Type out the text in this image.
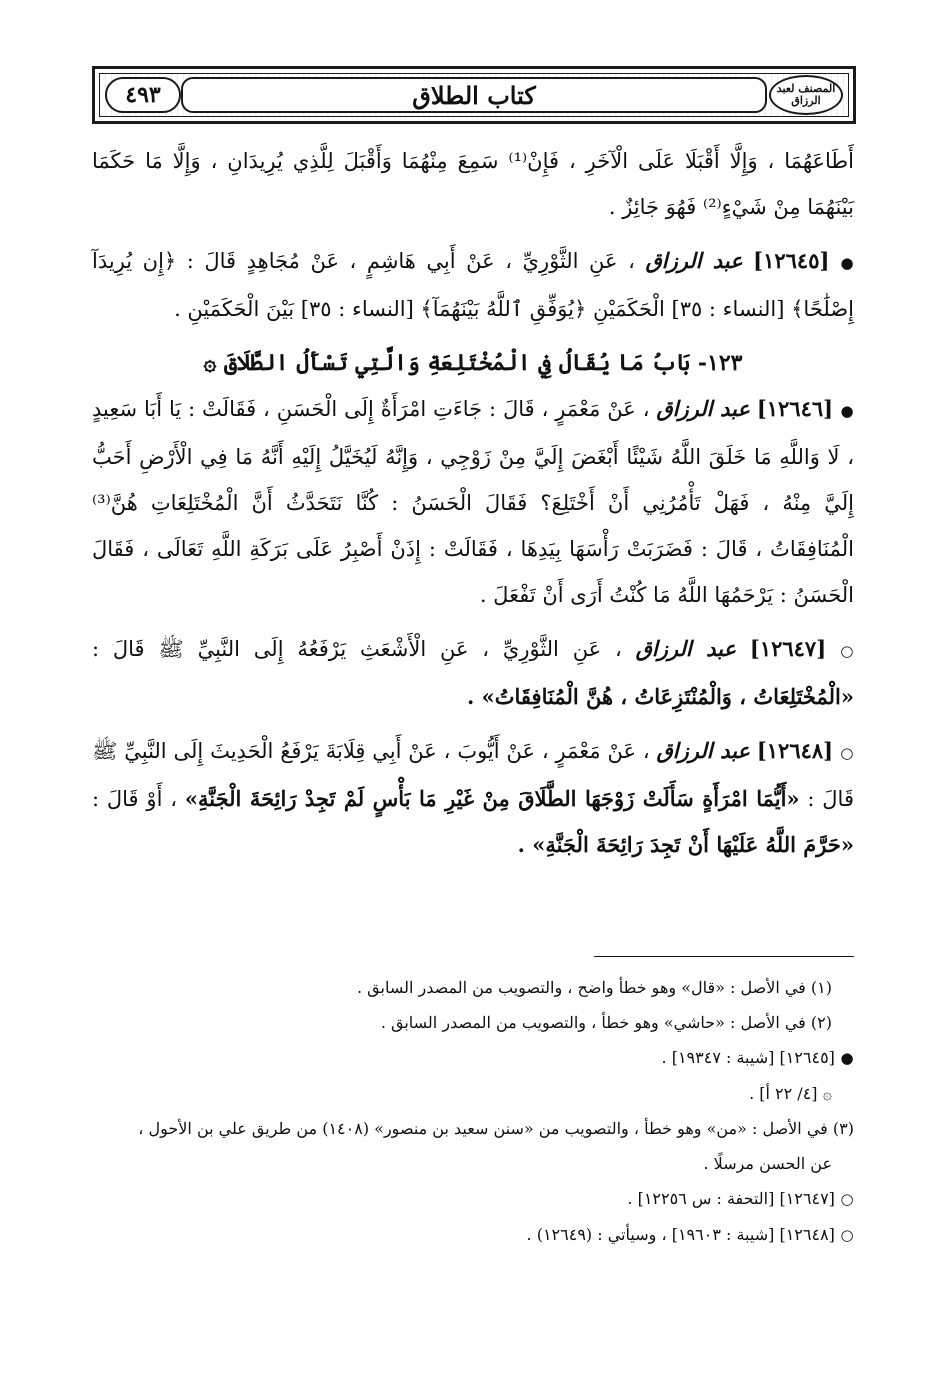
المصنف لعبد الرزاق
كتاب الطلاق
٤٩٣

أَطَاعَهُمَا ، وَإِلَّا أَقْبَلَا عَلَى الْآخَرِ ، فَإِنْ⁽¹⁾ سَمِعَ مِنْهُمَا وَأَقْبَلَ لِلَّذِي يُرِيدَانِ ، وَإِلَّا مَا حَكَمَا بَيْنَهُمَا مِنْ شَيْءٍ⁽²⁾ فَهُوَ جَائِزٌ .

● [١٢٦٤٥] عبد الرزاق ، عَنِ الثَّوْرِيِّ ، عَنْ أَبِي هَاشِمٍ ، عَنْ مُجَاهِدٍ قَالَ : ﴿إِن يُرِيدَآ إِصْلَٰحًا﴾ [النساء : ٣٥] الْحَكَمَيْنِ ﴿يُوَفِّقِ ٱللَّهُ بَيْنَهُمَآ﴾ [النساء : ٣٥] بَيْنَ الْحَكَمَيْنِ .

١٢٣- بَابُ مَا يُقَالُ فِي الْمُخْتَلِعَةِ وَالَّتِي تَسْأَلُ الطَّلَاقَ ۞

● [١٢٦٤٦] عبد الرزاق ، عَنْ مَعْمَرٍ ، قَالَ : جَاءَتِ امْرَأَةٌ إِلَى الْحَسَنِ ، فَقَالَتْ : يَا أَبَا سَعِيدٍ ، لَا وَاللَّهِ مَا خَلَقَ اللَّهُ شَيْئًا أَبْغَضَ إِلَيَّ مِنْ زَوْجِي ، وَإِنَّهُ لَيُخَيَّلُ إِلَيْهِ أَنَّهُ مَا فِي الْأَرْضِ أَحَبُّ إِلَيَّ مِنْهُ ، فَهَلْ تَأْمُرُنِي أَنْ أَخْتَلِعَ؟ فَقَالَ الْحَسَنُ : كُنَّا نَتَحَدَّثُ أَنَّ الْمُخْتَلِعَاتِ هُنَّ⁽³⁾ الْمُنَافِقَاتُ ، قَالَ : فَضَرَبَتْ رَأْسَهَا بِيَدِهَا ، فَقَالَتْ : إِذَنْ أَصْبِرُ عَلَى بَرَكَةِ اللَّهِ تَعَالَى ، فَقَالَ الْحَسَنُ : يَرْحَمُهَا اللَّهُ مَا كُنْتُ أَرَى أَنْ تَفْعَلَ .

○ [١٢٦٤٧] عبد الرزاق ، عَنِ الثَّوْرِيِّ ، عَنِ الْأَشْعَثِ يَرْفَعُهُ إِلَى النَّبِيِّ ﷺ قَالَ : «الْمُخْتَلِعَاتُ ، وَالْمُنْتَزِعَاتُ ، هُنَّ الْمُنَافِقَاتُ» .

○ [١٢٦٤٨] عبد الرزاق ، عَنْ مَعْمَرٍ ، عَنْ أَيُّوبَ ، عَنْ أَبِي قِلَابَةَ يَرْفَعُ الْحَدِيثَ إِلَى النَّبِيِّ ﷺ قَالَ : «أَيُّمَا امْرَأَةٍ سَأَلَتْ زَوْجَهَا الطَّلَاقَ مِنْ غَيْرِ مَا بَأْسٍ لَمْ تَجِدْ رَائِحَةَ الْجَنَّةِ» ، أَوْ قَالَ : «حَرَّمَ اللَّهُ عَلَيْهَا أَنْ تَجِدَ رَائِحَةَ الْجَنَّةِ» .

(١) في الأصل : «قال» وهو خطأ واضح ، والتصويب من المصدر السابق .

(٢) في الأصل : «حاشي» وهو خطأ ، والتصويب من المصدر السابق .

● [١٢٦٤٥] [شيبة : ١٩٣٤٧] .

۞ [٤/ ٢٢ أ] .

(٣) في الأصل : «من» وهو خطأ ، والتصويب من «سنن سعيد بن منصور» (١٤٠٨) من طريق علي بن الأحول ،

عن الحسن مرسلًا .

○ [١٢٦٤٧] [التحفة : س ١٢٢٥٦] .

○ [١٢٦٤٨] [شيبة : ١٩٦٠٣] ، وسيأتي : (١٢٦٤٩) .
